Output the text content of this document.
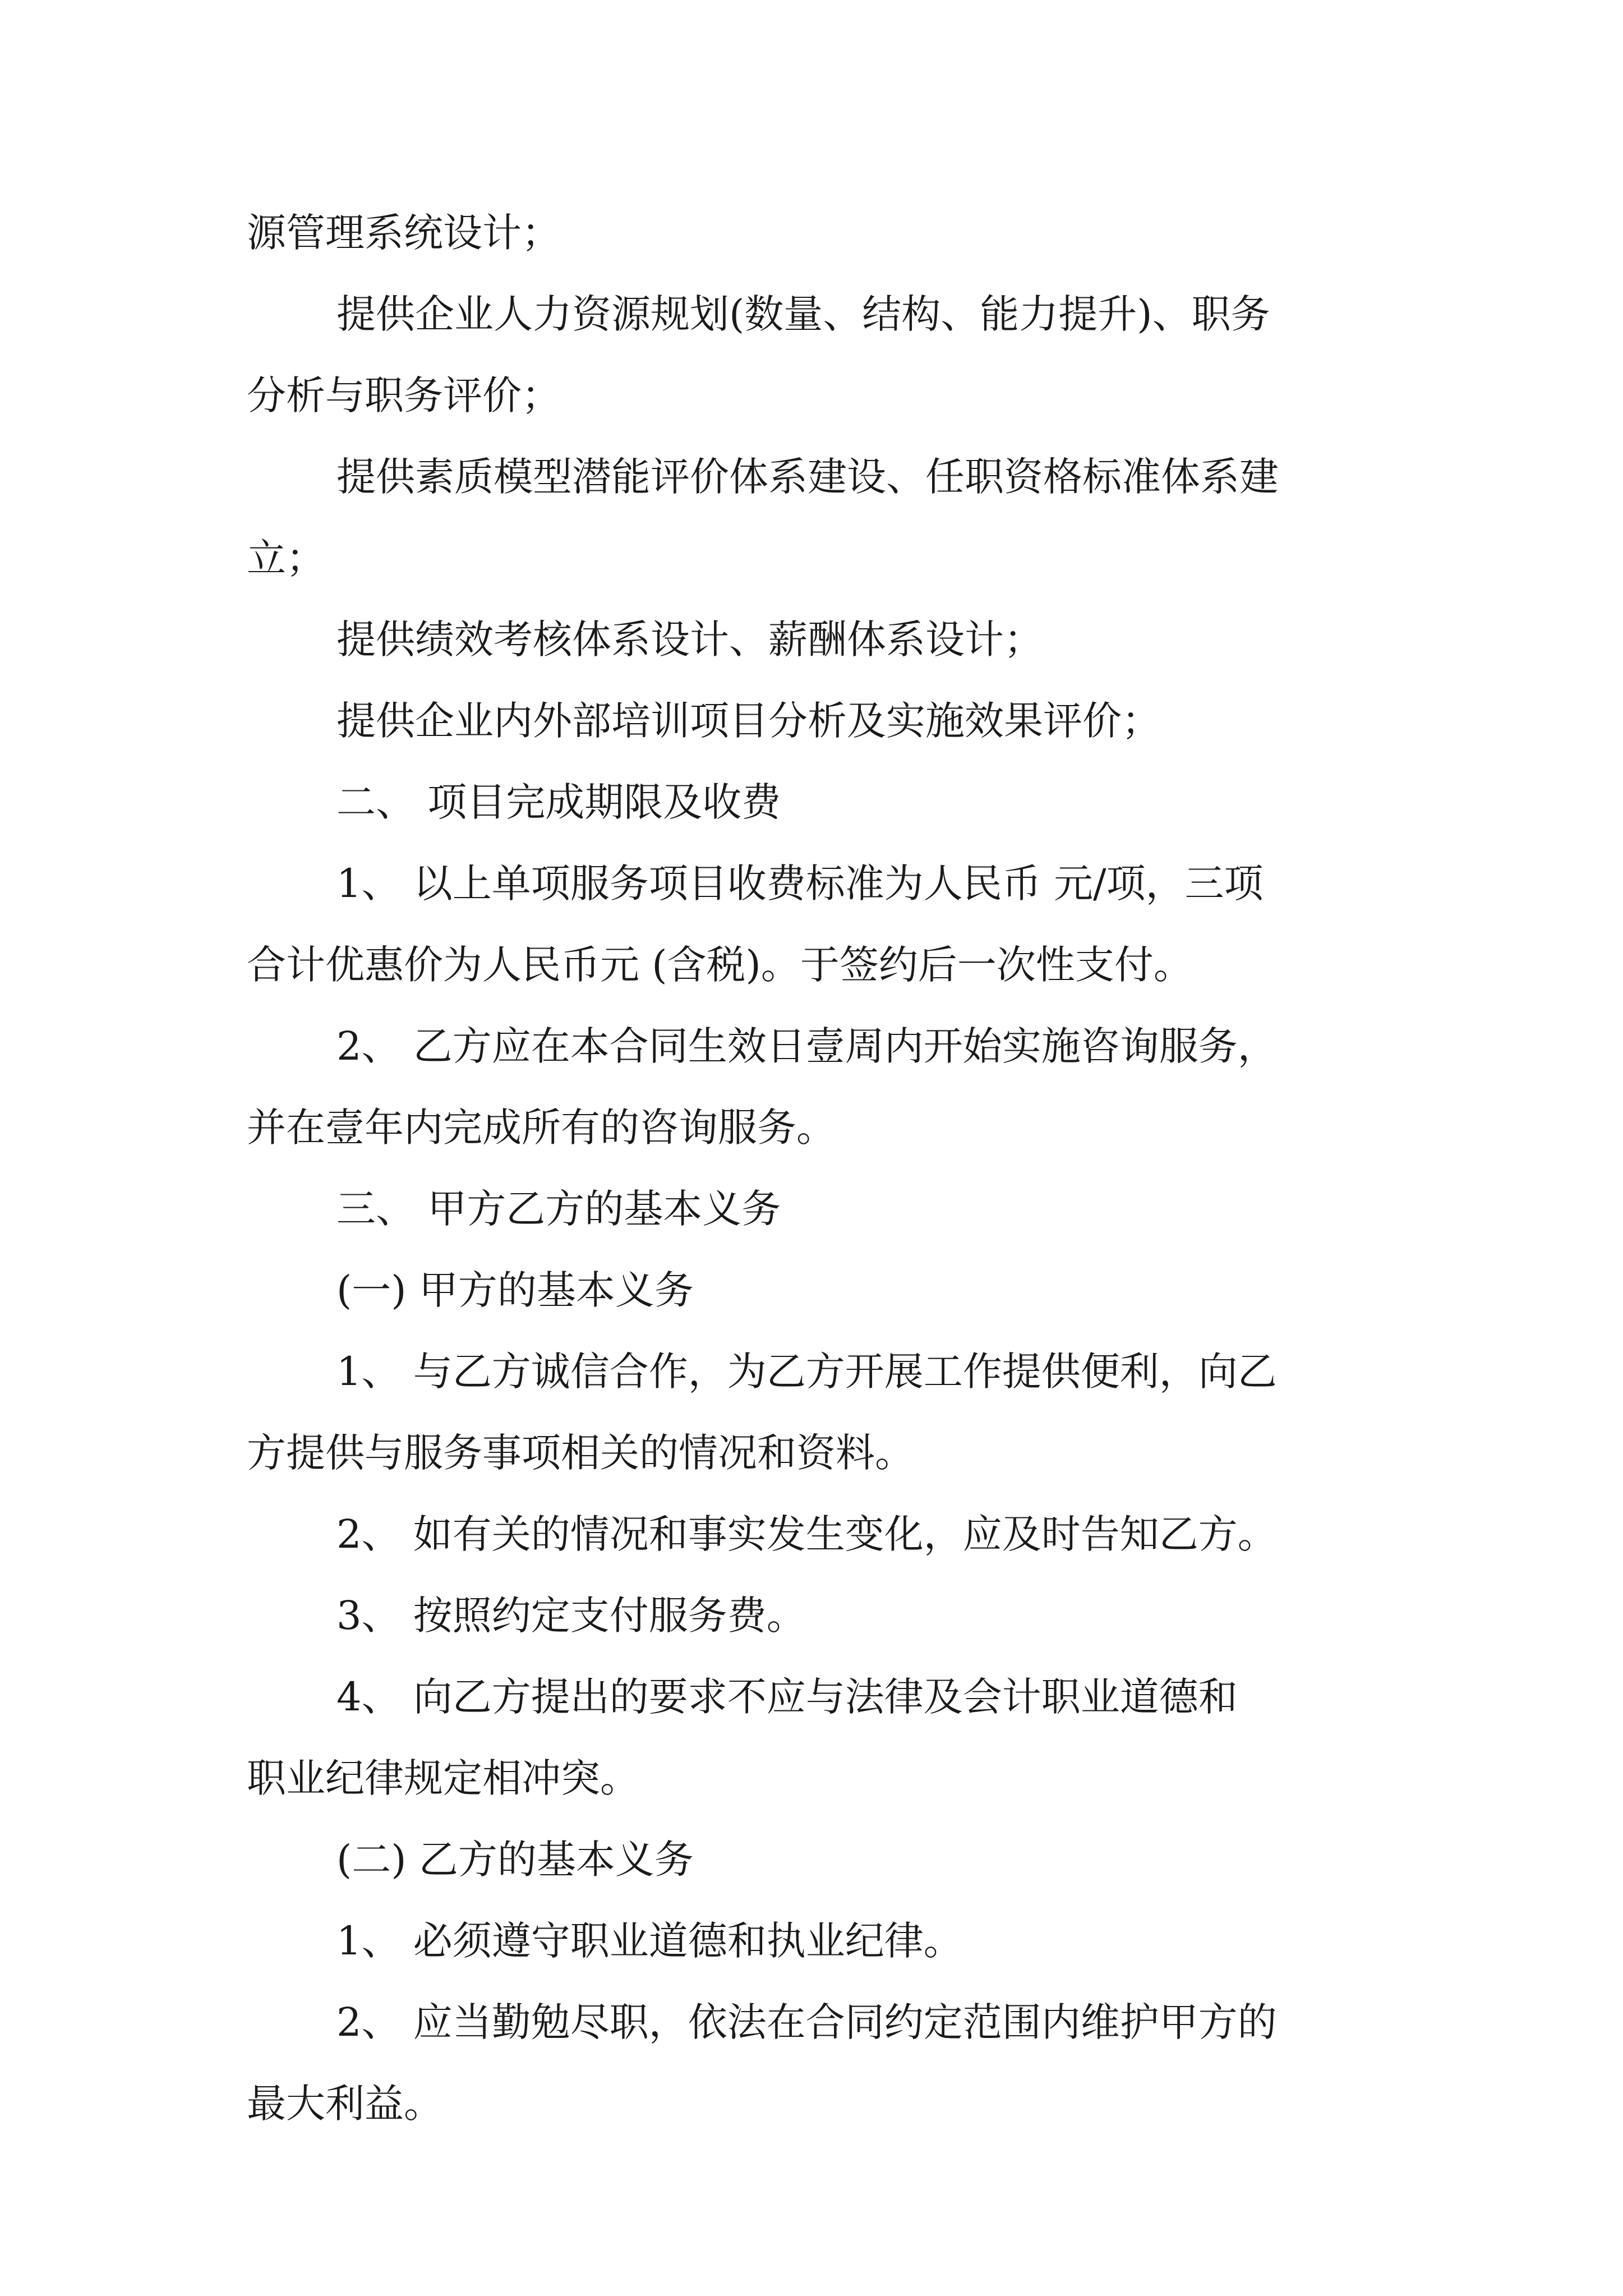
源管理系统设计；
提供企业人力资源规划(数量、结构、能力提升)、职务
分析与职务评价；
提供素质模型潜能评价体系建设、任职资格标准体系建
立；
提供绩效考核体系设计、薪酬体系设计；
提供企业内外部培训项目分析及实施效果评价；
二、 项目完成期限及收费
1、 以上单项服务项目收费标准为人民币 元/项，三项
合计优惠价为人民币元 (含税)。于签约后一次性支付。
2、 乙方应在本合同生效日壹周内开始实施咨询服务，
并在壹年内完成所有的咨询服务。
三、 甲方乙方的基本义务
(一) 甲方的基本义务
1、 与乙方诚信合作，为乙方开展工作提供便利，向乙
方提供与服务事项相关的情况和资料。
2、 如有关的情况和事实发生变化，应及时告知乙方。
3、 按照约定支付服务费。
4、 向乙方提出的要求不应与法律及会计职业道德和
职业纪律规定相冲突。
(二) 乙方的基本义务
1、 必须遵守职业道德和执业纪律。
2、 应当勤勉尽职，依法在合同约定范围内维护甲方的
最大利益。
